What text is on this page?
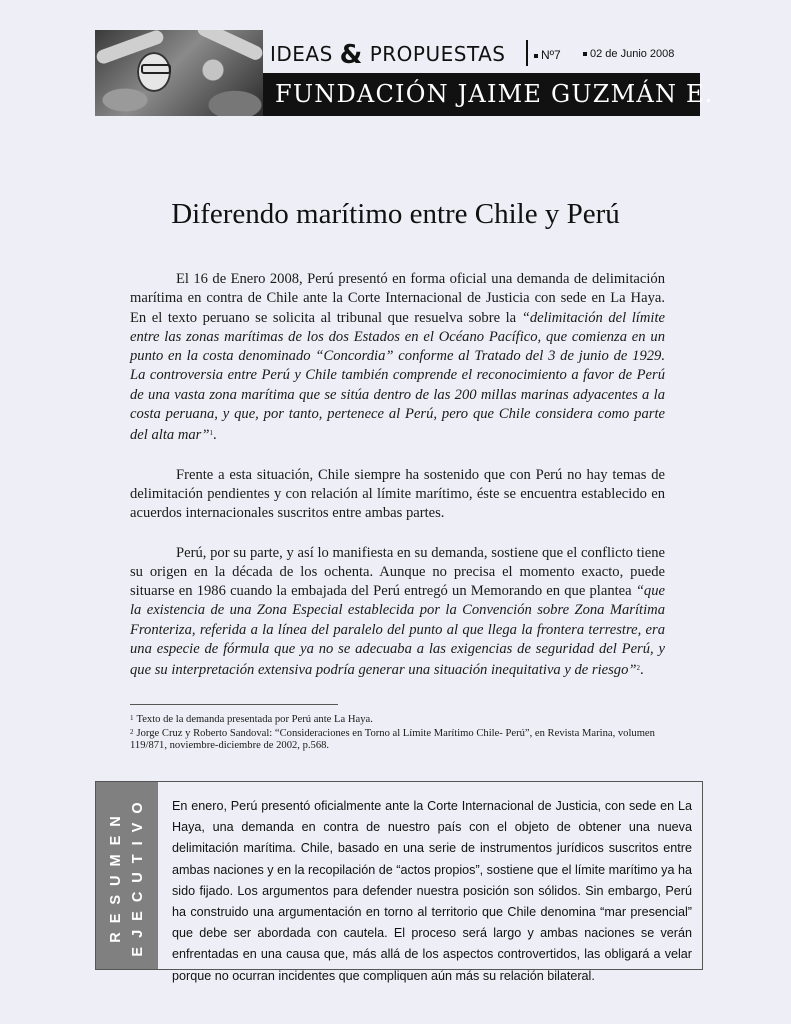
IDEAS & PROPUESTAS	Nº7	02 de Junio 2008
FUNDACIÓN JAIME GUZMÁN E.
Diferendo marítimo entre Chile y Perú

El 16 de Enero 2008, Perú presentó en forma oficial una demanda de delimitación marítima en contra de Chile ante la Corte Internacional de Justicia con sede en La Haya. En el texto peruano se solicita al tribunal que resuelva sobre la “delimitación del límite entre las zonas marítimas de los dos Estados en el Océano Pacífico, que comienza en un punto en la costa denominado “Concordia” conforme al Tratado del 3 de junio de 1929. La controversia entre Perú y Chile también comprende el reconocimiento a favor de Perú de una vasta zona marítima que se sitúa dentro de las 200 millas marinas adyacentes a la costa peruana, y que, por tanto, pertenece al Perú, pero que Chile considera como parte del alta mar”$^1$.

Frente a esta situación, Chile siempre ha sostenido que con Perú no hay temas de delimitación pendientes y con relación al límite marítimo, éste se encuentra establecido en acuerdos internacionales suscritos entre ambas partes.

Perú, por su parte, y así lo manifiesta en su demanda, sostiene que el conflicto tiene su origen en la década de los ochenta. Aunque no precisa el momento exacto, puede situarse en 1986 cuando la embajada del Perú entregó un Memorando en que plantea “que la existencia de una Zona Especial establecida por la Convención sobre Zona Marítima Fronteriza, referida a la línea del paralelo del punto al que llega la frontera terrestre, era una especie de fórmula que ya no se adecuaba a las exigencias de seguridad del Perú, y que su interpretación extensiva podría generar una situación inequitativa y de riesgo”$^2$.

$^1$ Texto de la demanda presentada por Perú ante La Haya.
$^2$ Jorge Cruz y Roberto Sandoval: “Consideraciones en Torno al Límite Marítimo Chile- Perú”, en Revista Marina, volumen 119/871, noviembre-diciembre de 2002, p.568.
RESUMEN EJECUTIVO En enero, Perú presentó oficialmente ante la Corte Internacional de Justicia, con sede en La Haya, una demanda en contra de nuestro país con el objeto de obtener una nueva delimitación marítima. Chile, basado en una serie de instrumentos jurídicos suscritos entre ambas naciones y en la recopilación de “actos propios”, sostiene que el límite marítimo ya ha sido fijado. Los argumentos para defender nuestra posición son sólidos. Sin embargo, Perú ha construido una argumentación en torno al territorio que Chile denomina “mar presencial” que debe ser abordada con cautela. El proceso será largo y ambas naciones se verán enfrentadas en una causa que, más allá de los aspectos controvertidos, las obligará a velar porque no ocurran incidentes que compliquen aún más su relación bilateral.
